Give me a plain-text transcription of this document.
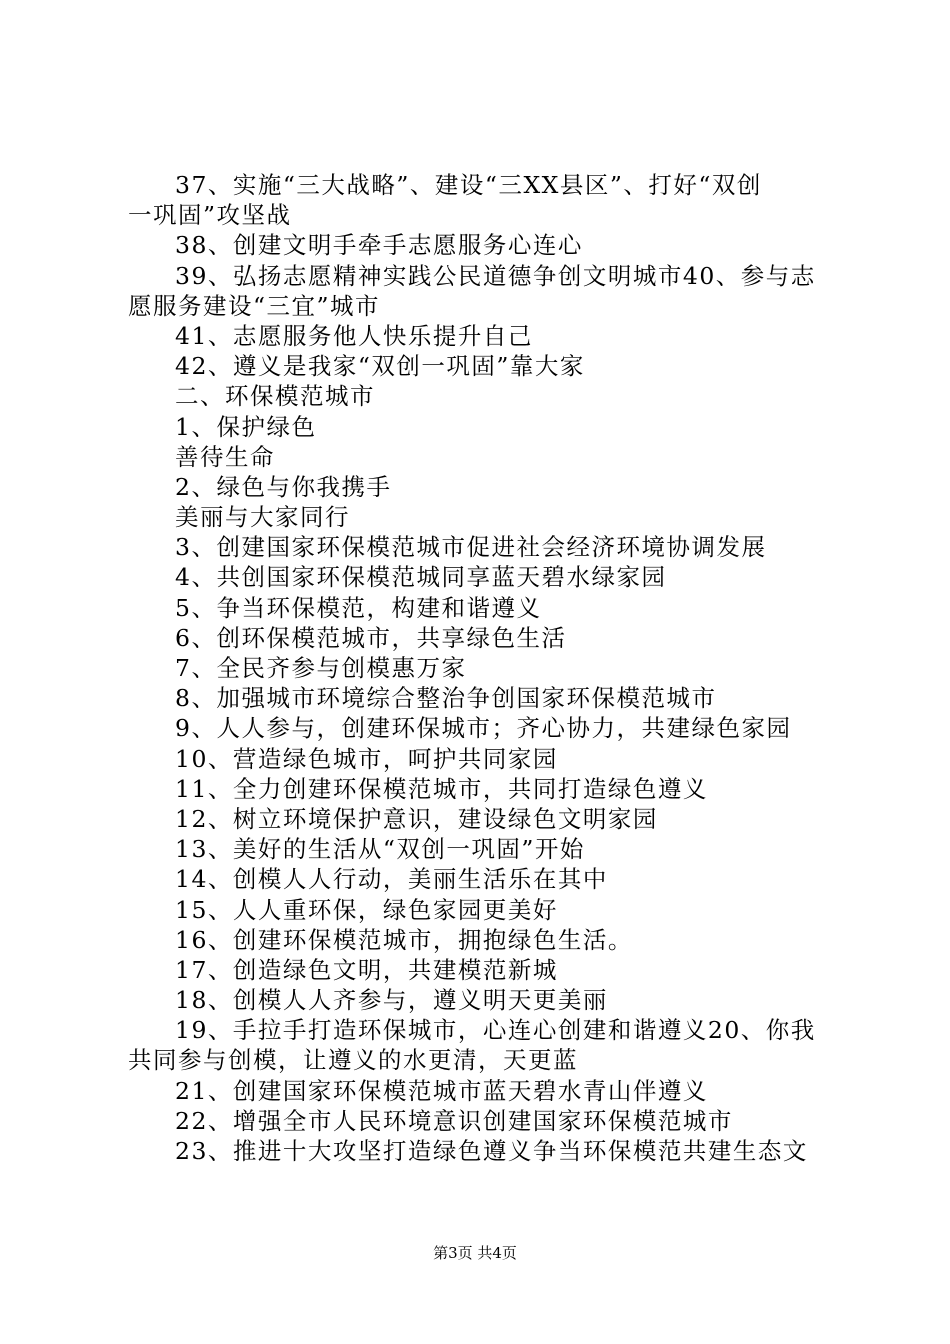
37、实施“三大战略”、建设“三XX县区”、打好“双创
一巩固”攻坚战
38、创建文明手牵手志愿服务心连心
39、弘扬志愿精神实践公民道德争创文明城市40、参与志
愿服务建设“三宜”城市
41、志愿服务他人快乐提升自己
42、遵义是我家“双创一巩固”靠大家
二、环保模范城市
1、保护绿色
善待生命
2、绿色与你我携手
美丽与大家同行
3、创建国家环保模范城市促进社会经济环境协调发展
4、共创国家环保模范城同享蓝天碧水绿家园
5、争当环保模范，构建和谐遵义
6、创环保模范城市，共享绿色生活
7、全民齐参与创模惠万家
8、加强城市环境综合整治争创国家环保模范城市
9、人人参与，创建环保城市；齐心协力，共建绿色家园
10、营造绿色城市，呵护共同家园
11、全力创建环保模范城市，共同打造绿色遵义
12、树立环境保护意识，建设绿色文明家园
13、美好的生活从“双创一巩固”开始
14、创模人人行动，美丽生活乐在其中
15、人人重环保，绿色家园更美好
16、创建环保模范城市，拥抱绿色生活。
17、创造绿色文明，共建模范新城
18、创模人人齐参与，遵义明天更美丽
19、手拉手打造环保城市，心连心创建和谐遵义20、你我
共同参与创模，让遵义的水更清，天更蓝
21、创建国家环保模范城市蓝天碧水青山伴遵义
22、增强全市人民环境意识创建国家环保模范城市
23、推进十大攻坚打造绿色遵义争当环保模范共建生态文
第3页 共4页
